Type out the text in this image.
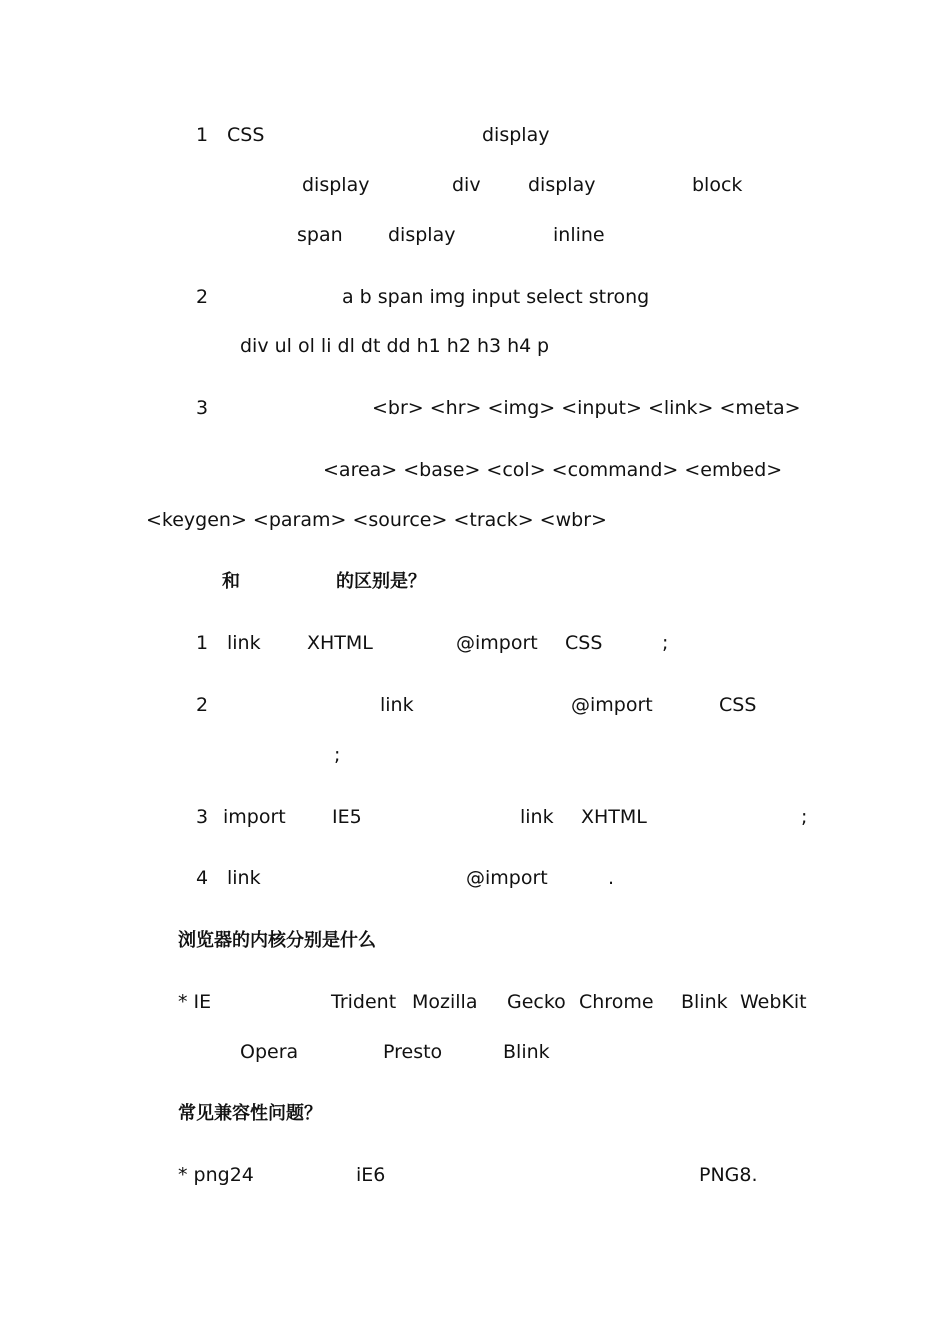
1 CSS	display
display	div display	block
span display	inline
2	a b span img input select strong
div ul ol li dl dt dd h1 h2 h3 h4 p
3	<br> <hr> <img> <input> <link> <meta>
<area> <base> <col> <command> <embed>
<keygen> <param> <source> <track> <wbr>
和	的区别是？
1 link XHTML	@import CSS	;
2	link	@import	CSS
;
3 import IE5	link XHTML	;
4 link	@import	.
浏览器的内核分别是什么
* IE	Trident Mozilla Gecko Chrome Blink WebKit
Opera	Presto	Blink
常见兼容性问题？
* png24	iE6	PNG8.
